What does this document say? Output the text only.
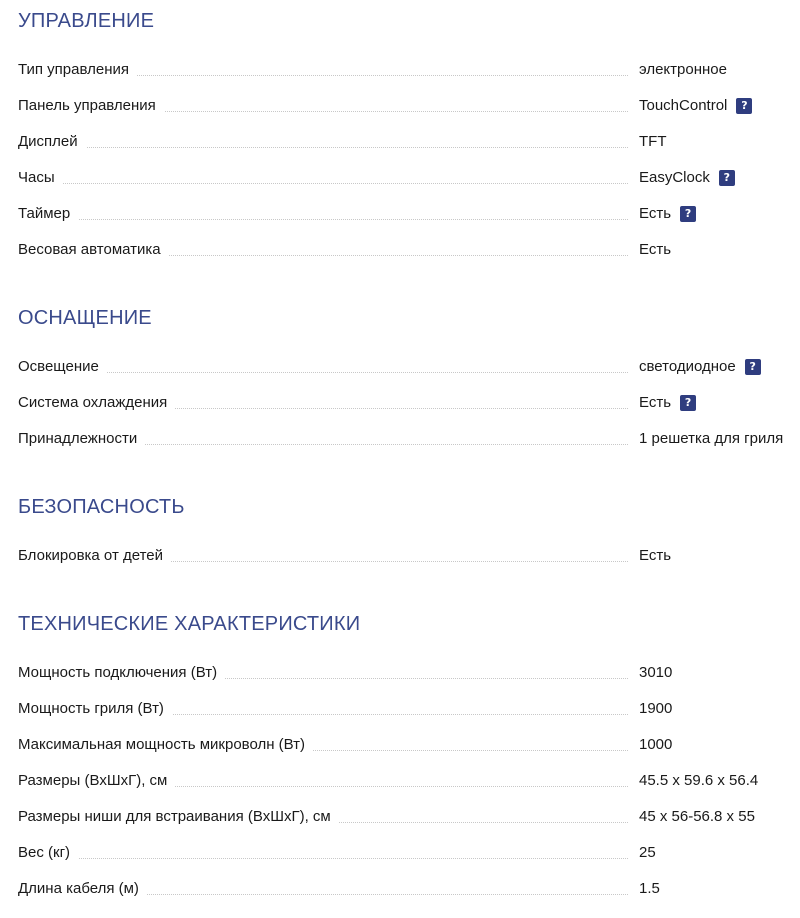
УПРАВЛЕНИЕ
Тип управления	электронное
Панель управления	TouchControl	?
Дисплей	TFT
Часы	EasyClock	?
Таймер	Есть	?
Весовая автоматика	Есть
ОСНАЩЕНИЕ
Освещение	светодиодное	?
Система охлаждения	Есть	?
Принадлежности	1 решетка для гриля
БЕЗОПАСНОСТЬ
Блокировка от детей	Есть
ТЕХНИЧЕСКИЕ ХАРАКТЕРИСТИКИ
Мощность подключения (Вт)	3010
Мощность гриля (Вт)	1900
Максимальная мощность микроволн (Вт)	1000
Размеры (ВхШхГ), см	45.5 x 59.6 x 56.4
Размеры ниши для встраивания (ВхШхГ), см	45 x 56-56.8 x 55
Вес (кг)	25
Длина кабеля (м)	1.5
